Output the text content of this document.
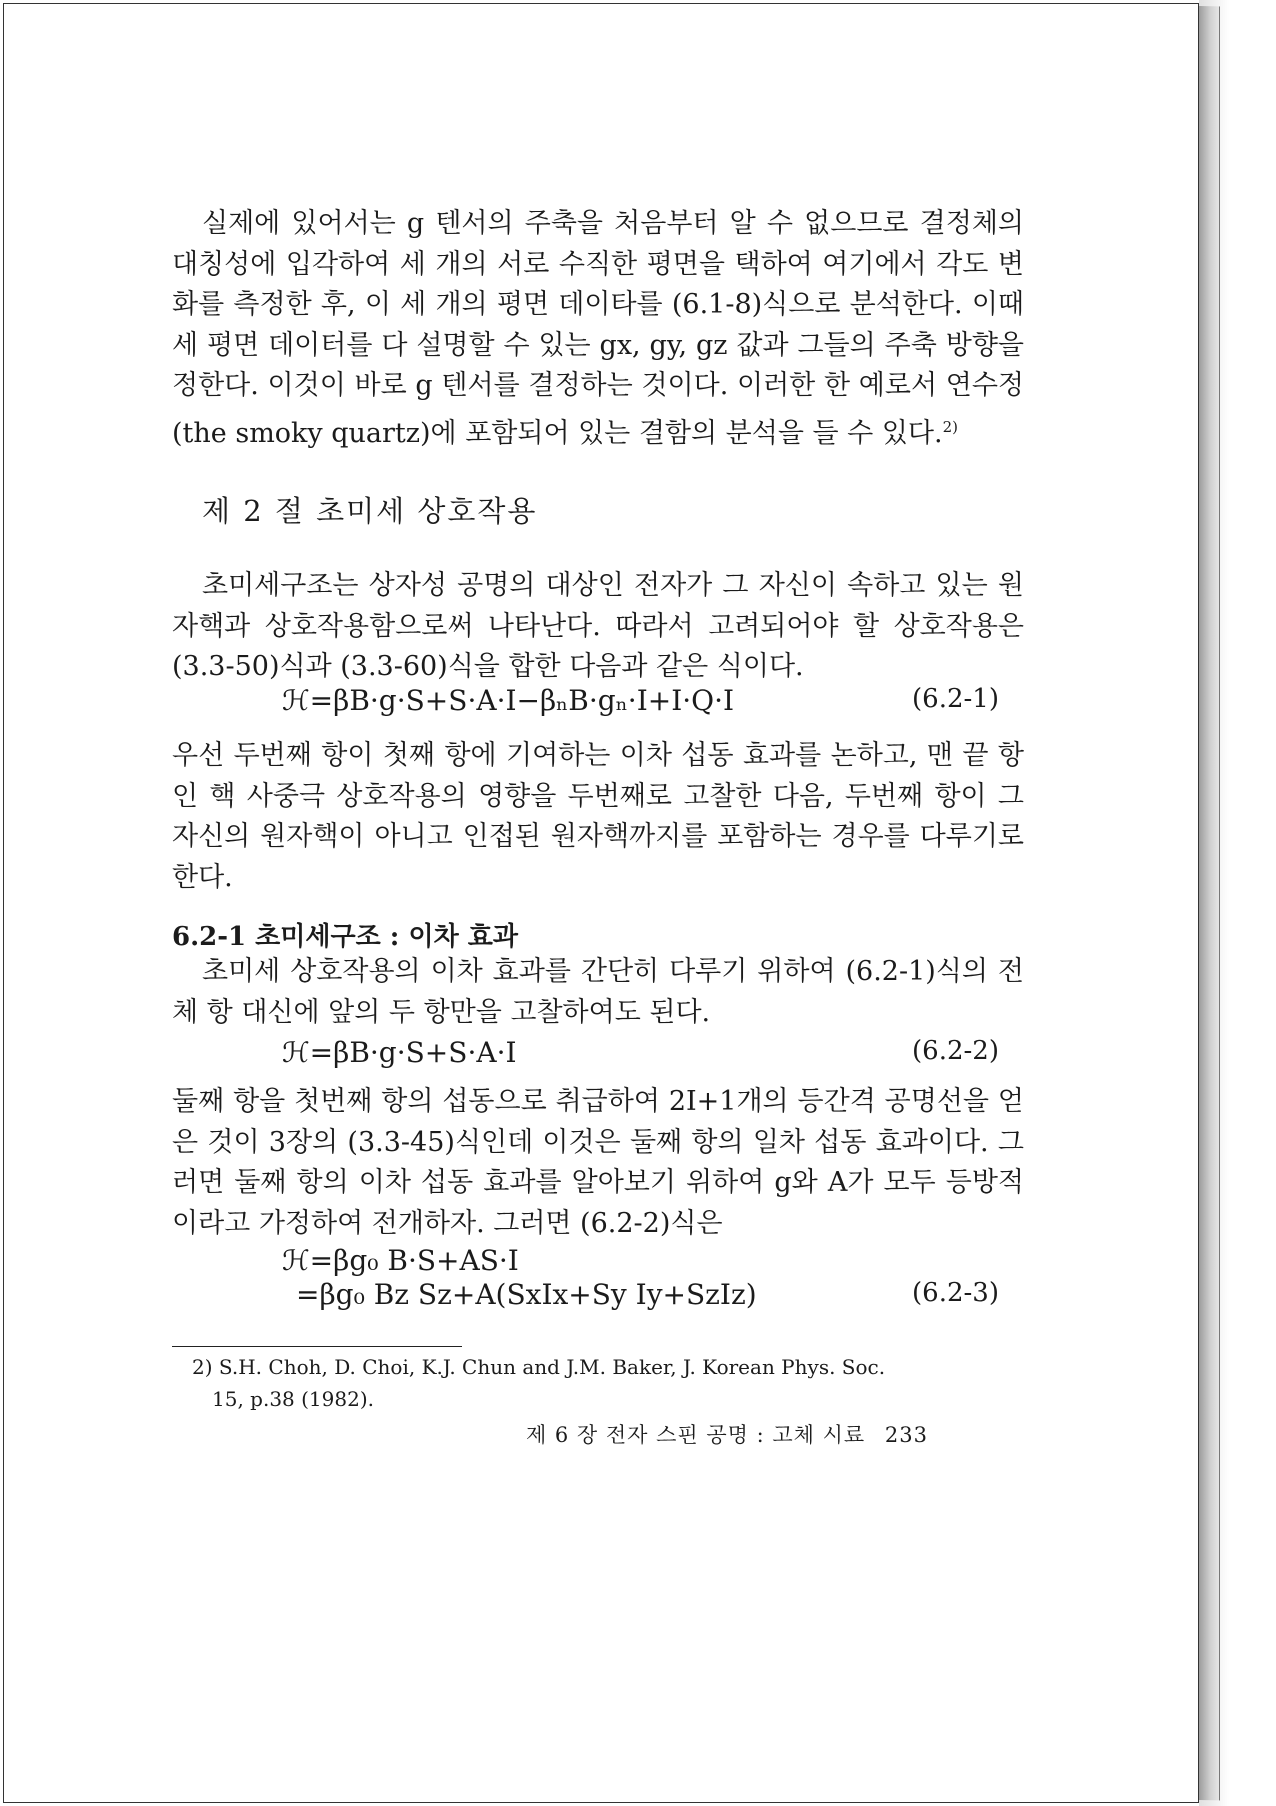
실제에 있어서는 g 텐서의 주축을 처음부터 알 수 없으므로 결정체의 대칭성에 입각하여 세 개의 서로 수직한 평면을 택하여 여기에서 각도 변화를 측정한 후, 이 세 개의 평면 데이타를 (6.1-8)식으로 분석한다. 이때 세 평면 데이터를 다 설명할 수 있는 gx, gy, gz 값과 그들의 주축 방향을 정한다. 이것이 바로 g 텐서를 결정하는 것이다. 이러한 한 예로서 연수정(the smoky quartz)에 포함되어 있는 결함의 분석을 들 수 있다.$^{2)}$

제 2 절 초미세 상호작용

초미세구조는 상자성 공명의 대상인 전자가 그 자신이 속하고 있는 원자핵과 상호작용함으로써 나타난다. 따라서 고려되어야 할 상호작용은 (3.3-50)식과 (3.3-60)식을 합한 다음과 같은 식이다.

ℋ=βB·g·S+S·A·I−βₙB·gₙ·I+I·Q·I	(6.2-1)

우선 두번째 항이 첫째 항에 기여하는 이차 섭동 효과를 논하고, 맨 끝 항인 핵 사중극 상호작용의 영향을 두번째로 고찰한 다음, 두번째 항이 그 자신의 원자핵이 아니고 인접된 원자핵까지를 포함하는 경우를 다루기로 한다.

6.2-1 초미세구조 : 이차 효과

초미세 상호작용의 이차 효과를 간단히 다루기 위하여 (6.2-1)식의 전체 항 대신에 앞의 두 항만을 고찰하여도 된다.

ℋ=βB·g·S+S·A·I	(6.2-2)

둘째 항을 첫번째 항의 섭동으로 취급하여 2I+1개의 등간격 공명선을 얻은 것이 3장의 (3.3-45)식인데 이것은 둘째 항의 일차 섭동 효과이다. 그러면 둘째 항의 이차 섭동 효과를 알아보기 위하여 g와 A가 모두 등방적이라고 가정하여 전개하자. 그러면 (6.2-2)식은

ℋ=βg₀ B·S+AS·I
=βg₀ Bz Sz+A(SxIx+Sy Iy+SzIz)	(6.2-3)
2) S.H. Choh, D. Choi, K.J. Chun and J.M. Baker, J. Korean Phys. Soc.
15, p.38 (1982).
제 6 장 전자 스핀 공명 : 고체 시료 233
